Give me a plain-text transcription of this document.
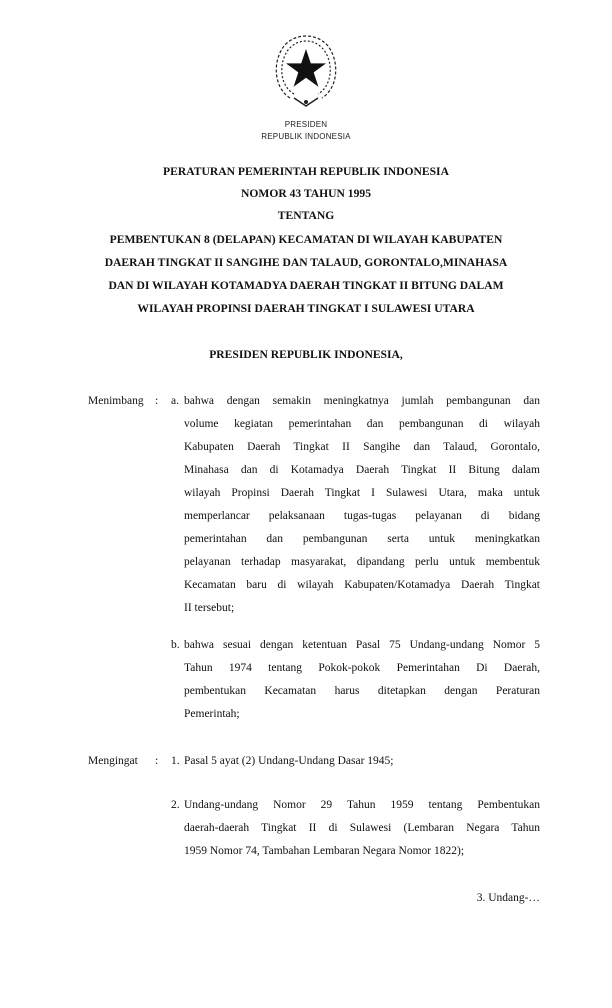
PRESIDEN
REPUBLIK INDONESIA
PERATURAN PEMERINTAH REPUBLIK INDONESIA
NOMOR 43 TAHUN 1995
TENTANG
PEMBENTUKAN 8 (DELAPAN) KECAMATAN DI WILAYAH KABUPATEN
DAERAH TINGKAT II SANGIHE DAN TALAUD, GORONTALO,MINAHASA
DAN DI WILAYAH KOTAMADYA DAERAH TINGKAT II BITUNG DALAM
WILAYAH PROPINSI DAERAH TINGKAT I SULAWESI UTARA
PRESIDEN REPUBLIK INDONESIA,
Menimbang : a. bahwa dengan semakin meningkatnya jumlah pembangunan dan
volume kegiatan pemerintahan dan pembangunan di wilayah
Kabupaten Daerah Tingkat II Sangihe dan Talaud, Gorontalo,
Minahasa dan di Kotamadya Daerah Tingkat II Bitung dalam
wilayah Propinsi Daerah Tingkat I Sulawesi Utara, maka untuk
memperlancar pelaksanaan tugas-tugas pelayanan di bidang
pemerintahan dan pembangunan serta untuk meningkatkan
pelayanan terhadap masyarakat, dipandang perlu untuk membentuk
Kecamatan baru di wilayah Kabupaten/Kotamadya Daerah Tingkat
II tersebut;
b. bahwa sesuai dengan ketentuan Pasal 75 Undang-undang Nomor 5
Tahun 1974 tentang Pokok-pokok Pemerintahan Di Daerah,
pembentukan Kecamatan harus ditetapkan dengan Peraturan
Pemerintah;
Mengingat : 1. Pasal 5 ayat (2) Undang-Undang Dasar 1945;
2. Undang-undang Nomor 29 Tahun 1959 tentang Pembentukan
daerah-daerah Tingkat II di Sulawesi (Lembaran Negara Tahun
1959 Nomor 74, Tambahan Lembaran Negara Nomor 1822);
3. Undang-…
